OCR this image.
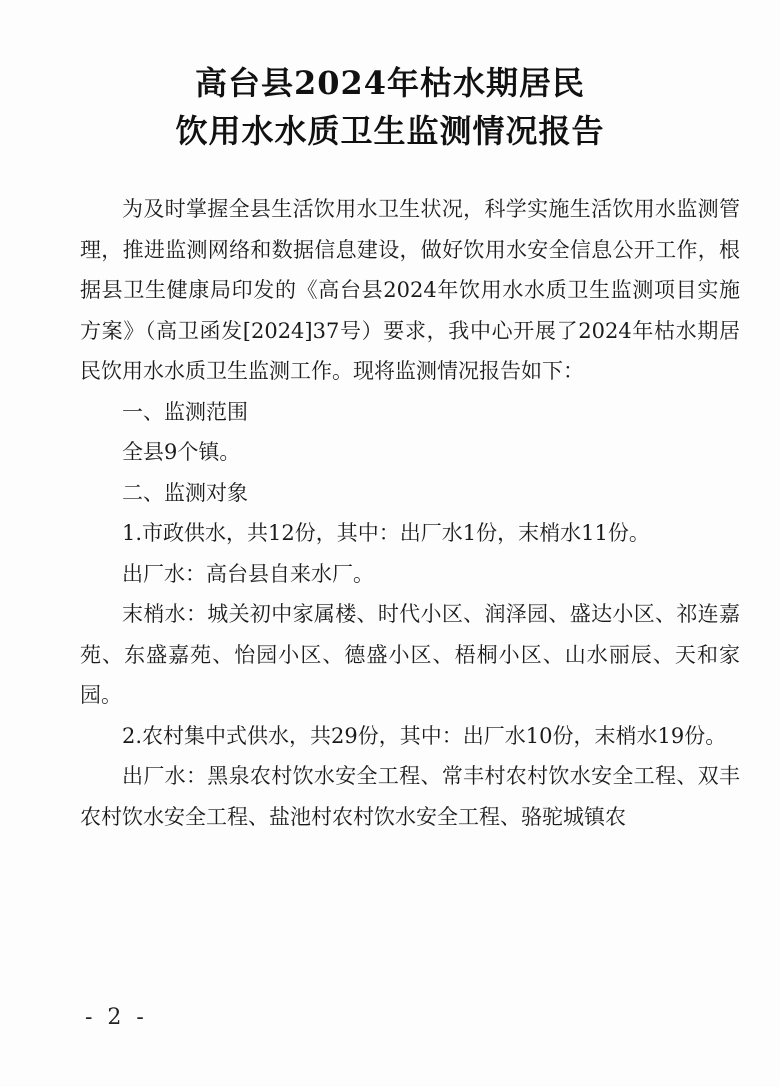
高台县2024年枯水期居民
饮用水水质卫生监测情况报告

为及时掌握全县生活饮用水卫生状况，科学实施生活饮用水监测管理，推进监测网络和数据信息建设，做好饮用水安全信息公开工作，根据县卫生健康局印发的《高台县2024年饮用水水质卫生监测项目实施方案》（高卫函发[2024]37号）要求，我中心开展了2024年枯水期居民饮用水水质卫生监测工作。现将监测情况报告如下：

一、监测范围

全县9个镇。

二、监测对象

1.市政供水，共12份，其中：出厂水1份，末梢水11份。

出厂水：高台县自来水厂。

末梢水：城关初中家属楼、时代小区、润泽园、盛达小区、祁连嘉苑、东盛嘉苑、怡园小区、德盛小区、梧桐小区、山水丽辰、天和家园。

2.农村集中式供水，共29份，其中：出厂水10份，末梢水19份。

出厂水：黑泉农村饮水安全工程、常丰村农村饮水安全工程、双丰农村饮水安全工程、盐池村农村饮水安全工程、骆驼城镇农

- 2 -
